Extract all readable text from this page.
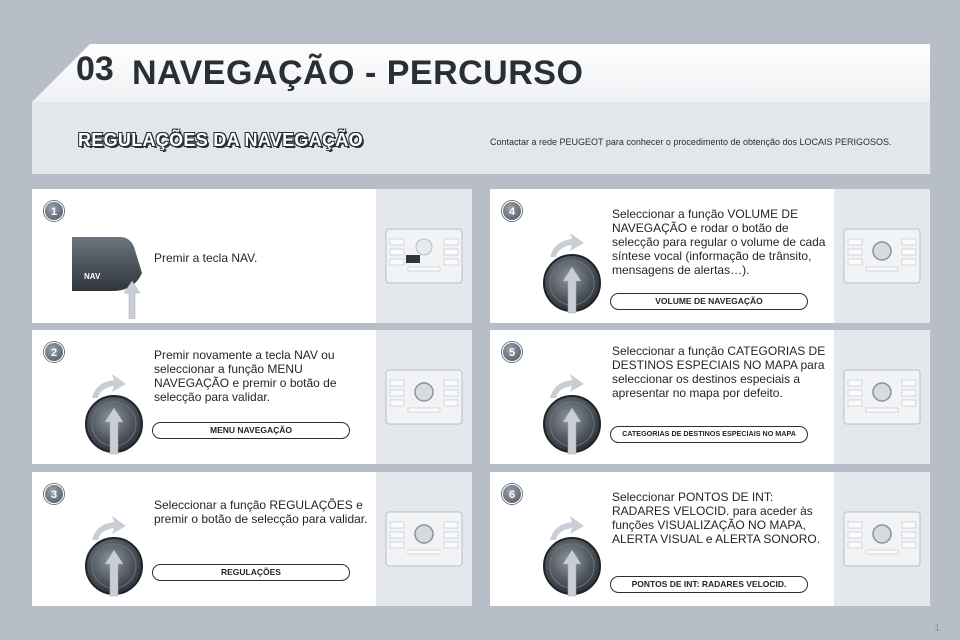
03 NAVEGAÇÃO - PERCURSO
REGULAÇÕES DA NAVEGAÇÃO	Contactar a rede PEUGEOT para conhecer o procedimento de obtenção dos LOCAIS PERIGOSOS.
1
NAV
Premir a tecla NAV.
2	Premir novamente a tecla NAV ou seleccionar a função MENU NAVEGAÇÃO e premir o botão de selecção para validar.
MENU NAVEGAÇÃO
3
Seleccionar a função REGULAÇÕES e premir o botão de selecção para validar.
REGULAÇÕES
4	Seleccionar a função VOLUME DE NAVEGAÇÃO e rodar o botão de selecção para regular o volume de cada síntese vocal (informação de trânsito, mensagens de alertas…).
VOLUME DE NAVEGAÇÃO
5	Seleccionar a função CATEGORIAS DE DESTINOS ESPECIAIS NO MAPA para seleccionar os destinos especiais a apresentar no mapa por defeito.
CATEGORIAS DE DESTINOS ESPECIAIS NO MAPA
6	Seleccionar PONTOS DE INT: RADARES VELOCID. para aceder às funções VISUALIZAÇÃO NO MAPA, ALERTA VISUAL e ALERTA SONORO.
PONTOS DE INT: RADARES VELOCID.
1
